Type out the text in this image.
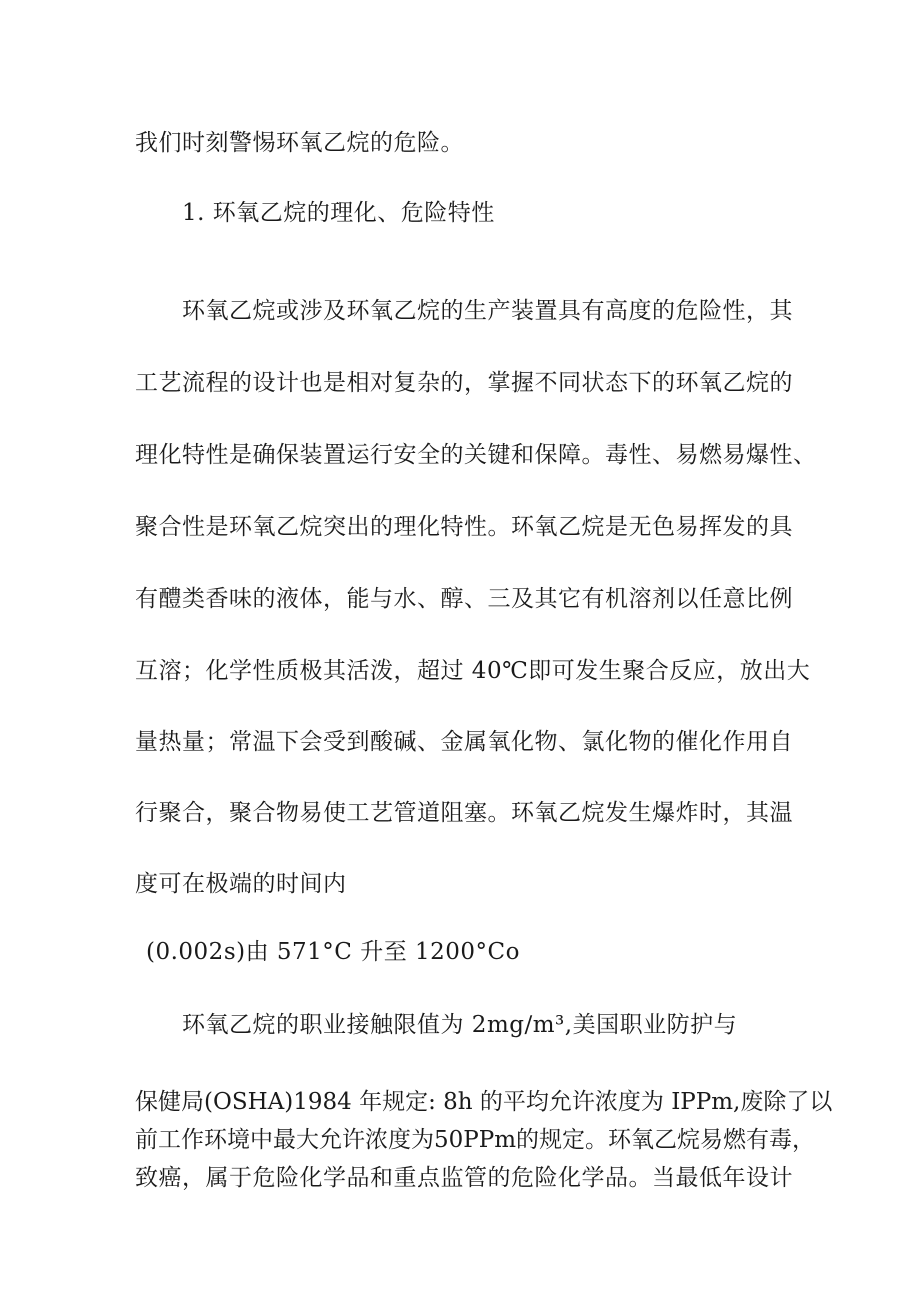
我们时刻警惕环氧乙烷的危险。
1. 环氧乙烷的理化、危险特性
环氧乙烷或涉及环氧乙烷的生产装置具有高度的危险性，其
工艺流程的设计也是相对复杂的，掌握不同状态下的环氧乙烷的
理化特性是确保装置运行安全的关键和保障。毒性、易燃易爆性、
聚合性是环氧乙烷突出的理化特性。环氧乙烷是无色易挥发的具
有醴类香味的液体，能与水、醇、三及其它有机溶剂以任意比例
互溶；化学性质极其活泼，超过 40℃即可发生聚合反应，放出大
量热量；常温下会受到酸碱、金属氧化物、氯化物的催化作用自
行聚合，聚合物易使工艺管道阻塞。环氧乙烷发生爆炸时，其温
度可在极端的时间内
(0.002s)由 571°C 升至 1200°Co
环氧乙烷的职业接触限值为 2mg∕m³,美国职业防护与
保健局(OSHA)1984 年规定: 8h 的平均允许浓度为 IPPm,废除了以
前工作环境中最大允许浓度为50PPm的规定。环氧乙烷易燃有毒，
致癌，属于危险化学品和重点监管的危险化学品。当最低年设计
